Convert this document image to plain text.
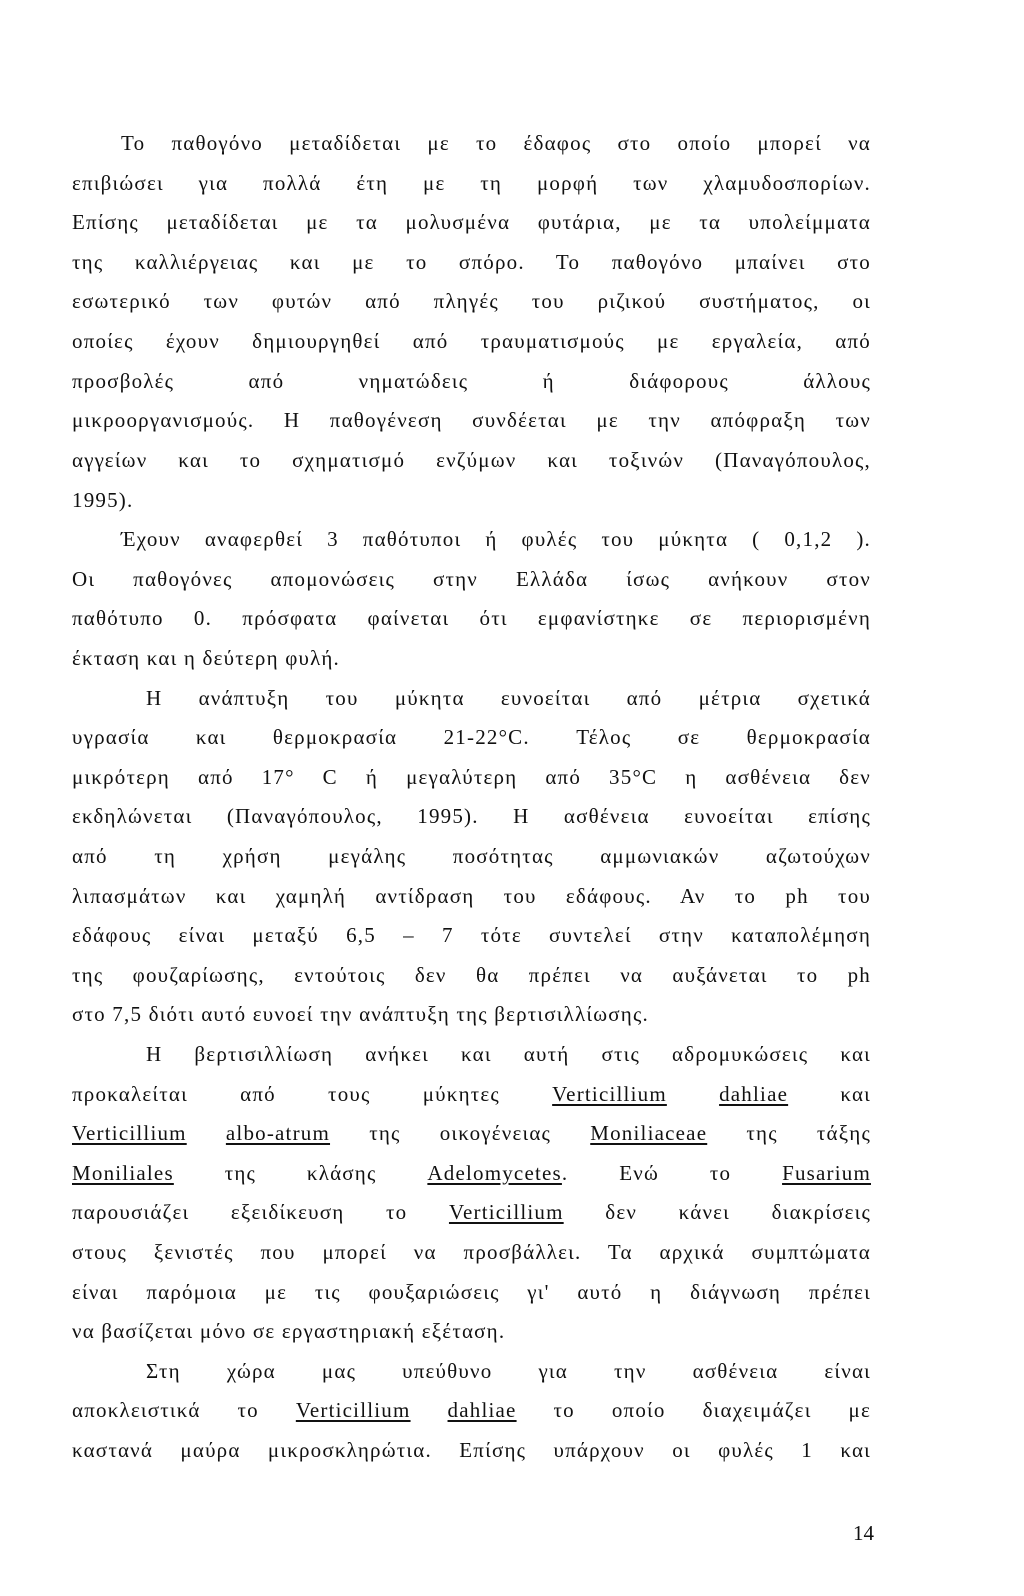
Το παθογόνο μεταδίδεται με το έδαφος στο οποίο μπορεί να
επιβιώσει για πολλά έτη με τη μορφή των χλαμυδοσπορίων.
Επίσης μεταδίδεται με τα μολυσμένα φυτάρια, με τα υπολείμματα
της καλλιέργειας και με το σπόρο. Το παθογόνο μπαίνει στο
εσωτερικό των φυτών από πληγές του ριζικού συστήματος, οι
οποίες έχουν δημιουργηθεί από τραυματισμούς με εργαλεία, από
προσβολές από νηματώδεις ή διάφορους άλλους
μικροοργανισμούς. Η παθογένεση συνδέεται με την απόφραξη των
αγγείων και το σχηματισμό ενζύμων και τοξινών (Παναγόπουλος,
1995).
Έχουν αναφερθεί 3 παθότυποι ή φυλές του μύκητα ( 0,1,2 ).
Οι παθογόνες απομονώσεις στην Ελλάδα ίσως ανήκουν στον
παθότυπο 0. πρόσφατα φαίνεται ότι εμφανίστηκε σε περιορισμένη
έκταση και η δεύτερη φυλή.
Η ανάπτυξη του μύκητα ευνοείται από μέτρια σχετικά
υγρασία και θερμοκρασία 21-22°C. Τέλος σε θερμοκρασία
μικρότερη από 17° C ή μεγαλύτερη από 35°C η ασθένεια δεν
εκδηλώνεται (Παναγόπουλος, 1995). Η ασθένεια ευνοείται επίσης
από τη χρήση μεγάλης ποσότητας αμμωνιακών αζωτούχων
λιπασμάτων και χαμηλή αντίδραση του εδάφους. Αν το ph του
εδάφους είναι μεταξύ 6,5 – 7 τότε συντελεί στην καταπολέμηση
της φουζαρίωσης, εντούτοις δεν θα πρέπει να αυξάνεται το ph
στο 7,5 διότι αυτό ευνοεί την ανάπτυξη της βερτισιλλίωσης.
Η βερτισιλλίωση ανήκει και αυτή στις αδρομυκώσεις και
προκαλείται από τους μύκητες Verticillium dahliae και
Verticillium albo-atrum της οικογένειας Moniliaceae της τάξης
Moniliales της κλάσης Adelomycetes. Ενώ το Fusarium
παρουσιάζει εξειδίκευση το Verticillium δεν κάνει διακρίσεις
στους ξενιστές που μπορεί να προσβάλλει. Τα αρχικά συμπτώματα
είναι παρόμοια με τις φουξαριώσεις γι' αυτό η διάγνωση πρέπει
να βασίζεται μόνο σε εργαστηριακή εξέταση.
Στη χώρα μας υπεύθυνο για την ασθένεια είναι
αποκλειστικά το Verticillium dahliae το οποίο διαχειμάζει με
καστανά μαύρα μικροσκληρώτια. Επίσης υπάρχουν οι φυλές 1 και
14
